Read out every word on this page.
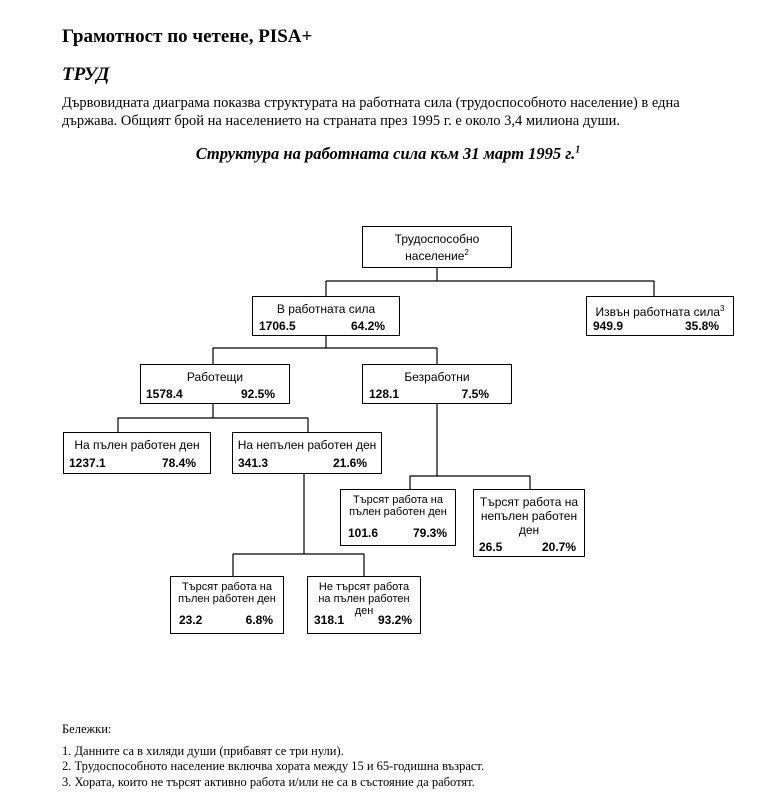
Грамотност по четене, PISA+
ТРУД
Дървовидната диаграма показва структурата на работната сила (трудоспособното население) в една държава. Общият брой на населението на страната през 1995 г. е около 3,4 милиона души.
Структура на работната сила към 31 март 1995 г.$^1$
Трудоспособно население$^2$
В работната сила
1706.5	64.2%
Извън работната сила$^3$
949.9	35.8%
Работещи
1578.4	92.5%
Безработни
128.1	7.5%
На пълен работен ден
1237.1	78.4%
На непълен работен ден
341.3	21.6%
Търсят работа на пълен работен ден
101.6	79.3%
Търсят работа на непълен работен ден
26.5	20.7%
Търсят работа на пълен работен ден
23.2	6.8%
Не търсят работа на пълен работен ден
318.1	93.2%
Бележки:
1. Данните са в хиляди души (прибавят се три нули).
2. Трудоспособното население включва хората между 15 и 65-годишна възраст.
3. Хората, които не търсят активно работа и/или не са в състояние да работят.
